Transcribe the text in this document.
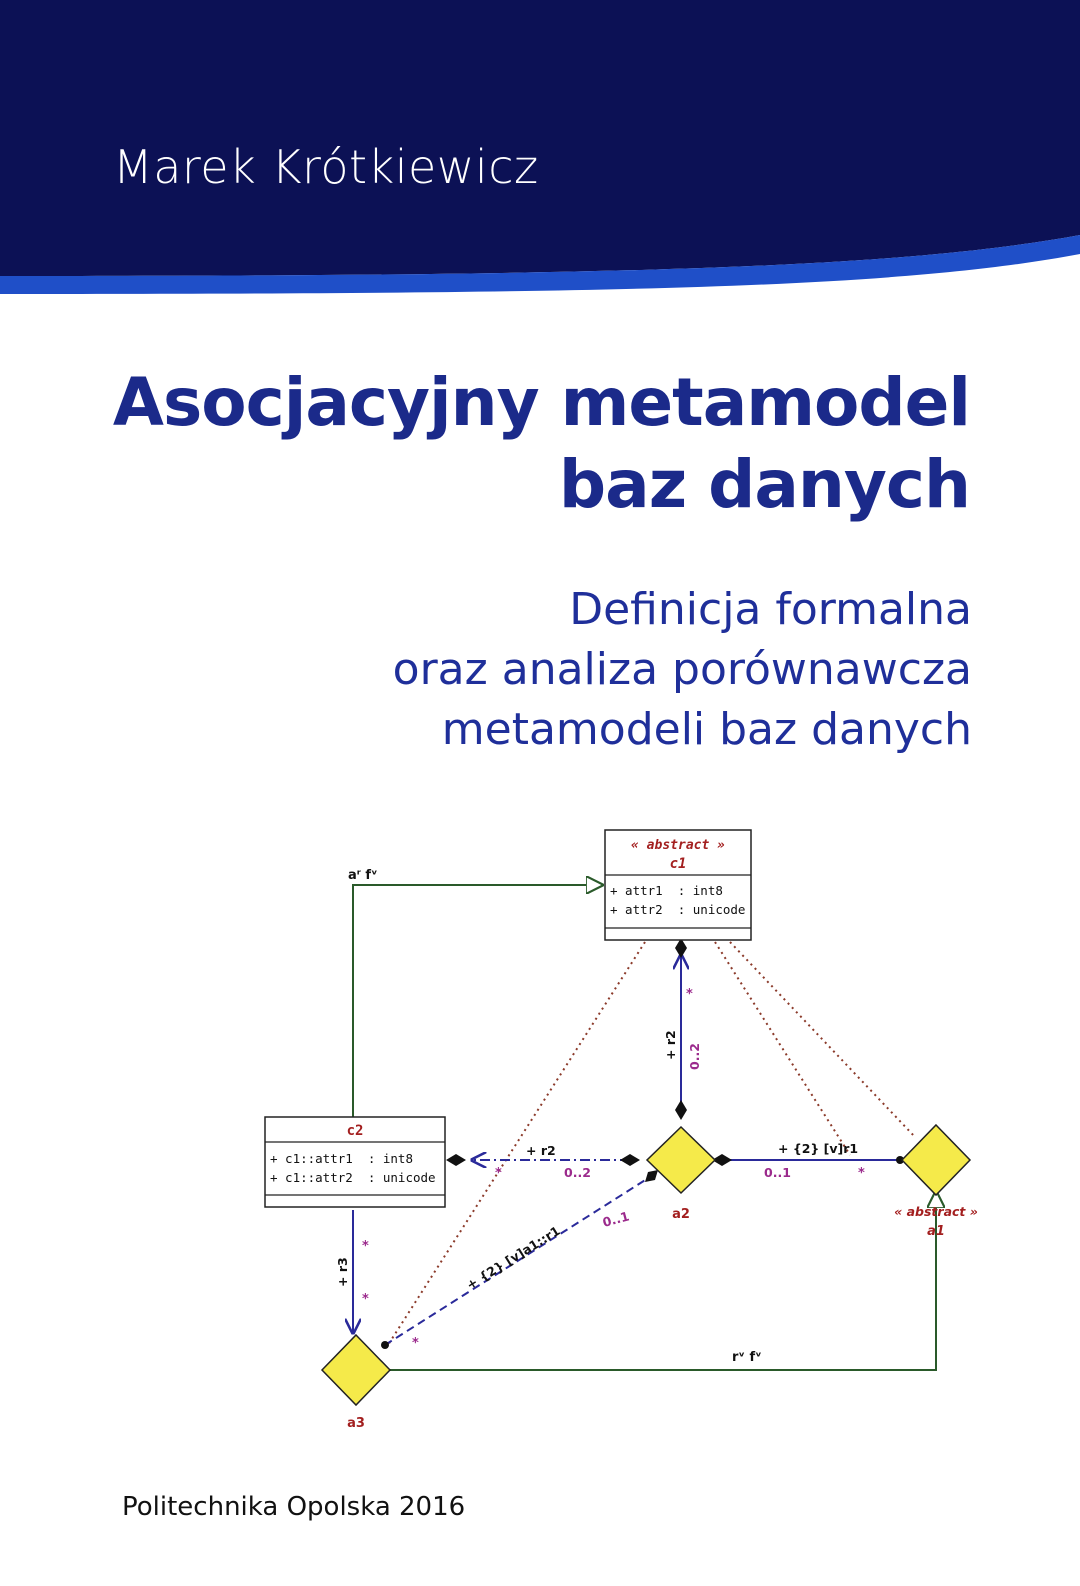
Marek Krótkiewicz
Asocjacyjny metamodel
baz danych
Definicja formalna
oraz analiza porównawcza
metamodeli baz danych
« abstract »
c1
+ attr1  : int8
+ attr2  : unicode
c2
+ c1::attr1  : int8
+ c1::attr2  : unicode
a2	« abstract »
a1
a3
aʳ fᵛ
rᵛ fᵛ
+ r2
+ r2
+ r3
+ {2} [v]r1
+ {2} [v]a1::r1
*
0..2
*	0..2	0..1	*
0..1
*
*
*
Politechnika Opolska 2016
